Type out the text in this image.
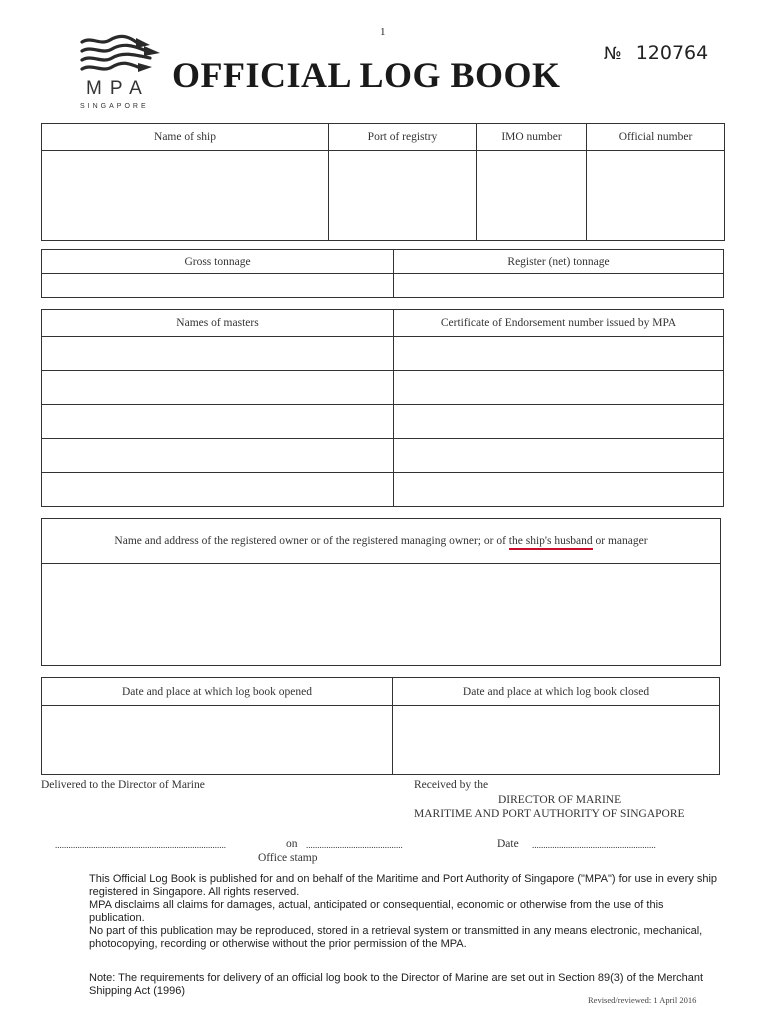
1
MPA
SINGAPORE
OFFICIAL LOG BOOK
№ 120764
Name of ship	Port of registry	IMO number	Official number

Gross tonnage	Register (net) tonnage

Names of masters	Certificate of Endorsement number issued by MPA

Name and address of the registered owner or of the registered managing owner; or of the ship's husband or manager

Date and place at which log book opened	Date and place at which log book closed

Delivered to the Director of Marine	Received by the
DIRECTOR OF MARINE
MARITIME AND PORT AUTHORITY OF SINGAPORE
............................................................................	on ...........................................	Date .......................................................
Office stamp
This Official Log Book is published for and on behalf of the Maritime and Port Authority of Singapore ("MPA") for use in every ship registered in Singapore. All rights reserved.
MPA disclaims all claims for damages, actual, anticipated or consequential, economic or otherwise from the use of this publication.
No part of this publication may be reproduced, stored in a retrieval system or transmitted in any means electronic, mechanical, photocopying, recording or otherwise without the prior permission of the MPA.
Note: The requirements for delivery of an official log book to the Director of Marine are set out in Section 89(3) of the Merchant Shipping Act (1996)
Revised/reviewed: 1 April 2016
